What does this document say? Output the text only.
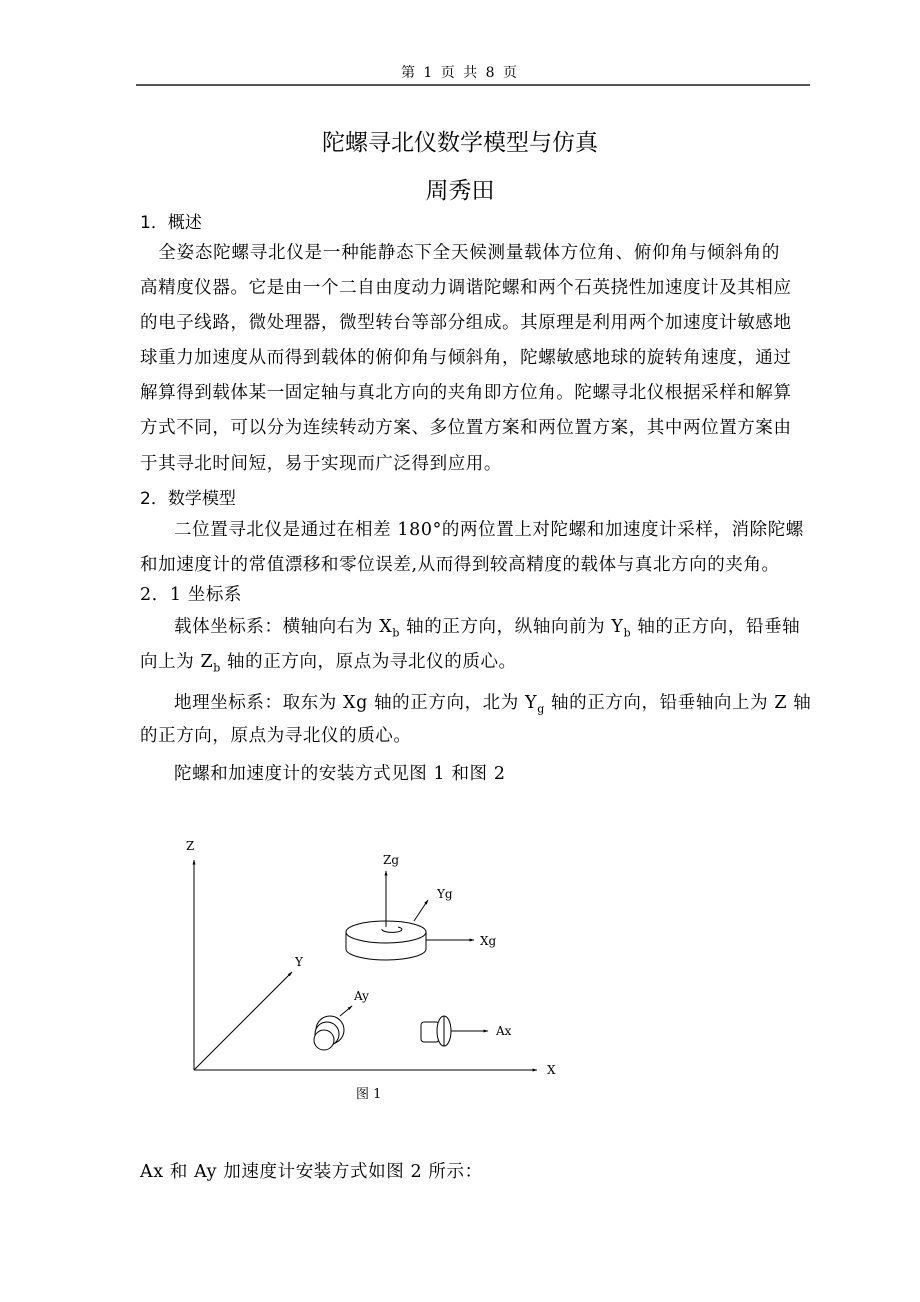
第 1 页 共 8 页
陀螺寻北仪数学模型与仿真
周秀田
1．概述
　全姿态陀螺寻北仪是一种能静态下全天候测量载体方位角、俯仰角与倾斜角的
高精度仪器。它是由一个二自由度动力调谐陀螺和两个石英挠性加速度计及其相应
的电子线路，微处理器，微型转台等部分组成。其原理是利用两个加速度计敏感地
球重力加速度从而得到载体的俯仰角与倾斜角，陀螺敏感地球的旋转角速度，通过
解算得到载体某一固定轴与真北方向的夹角即方位角。陀螺寻北仪根据采样和解算
方式不同，可以分为连续转动方案、多位置方案和两位置方案，其中两位置方案由
于其寻北时间短，易于实现而广泛得到应用。
2．数学模型
二位置寻北仪是通过在相差 180°的两位置上对陀螺和加速度计采样，消除陀螺
和加速度计的常值漂移和零位误差,从而得到较高精度的载体与真北方向的夹角。
2．1 坐标系
载体坐标系：横轴向右为 $X_b$ 轴的正方向，纵轴向前为 $Y_b$ 轴的正方向，铅垂轴
向上为 $Z_b$ 轴的正方向，原点为寻北仪的质心。
地理坐标系：取东为 Xg 轴的正方向，北为 $Y_g$ 轴的正方向，铅垂轴向上为 Z 轴
的正方向，原点为寻北仪的质心。
陀螺和加速度计的安装方式见图 1 和图 2
Z
X
Y
Zg
Yg
Xg
Ay
Ax
图 1
Ax 和 Ay 加速度计安装方式如图 2 所示：
